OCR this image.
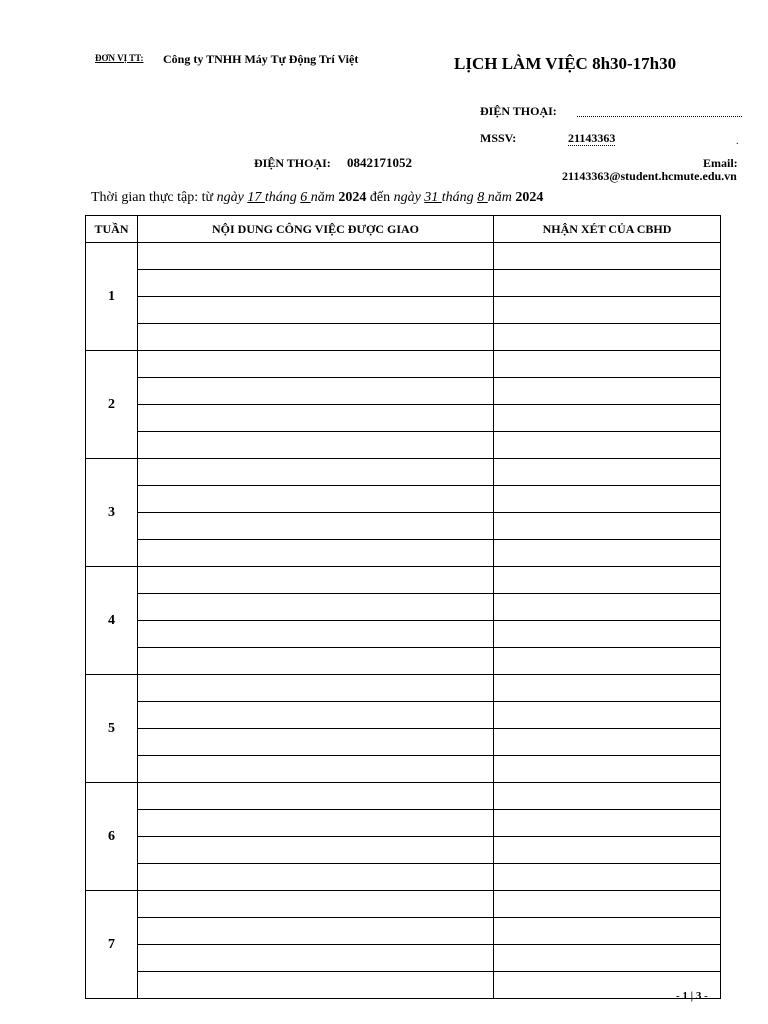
ĐƠN VỊ TT: Công ty TNHH Máy Tự Động Trí Việt	LỊCH LÀM VIỆC 8h30-17h30
ĐIỆN THOẠI:
MSSV:	21143363	.
ĐIỆN THOẠI: 0842171052	Email:
21143363@student.hcmute.edu.vn
Thời gian thực tập: từ ngày 17 tháng 6 năm 2024 đến ngày 31 tháng 8 năm 2024
TUẦN	NỘI DUNG CÔNG VIỆC ĐƯỢC GIAO	NHẬN XÉT CỦA CBHD
1		

2		

3		

4		

5		

6		

7		

- 1 | 3 -
